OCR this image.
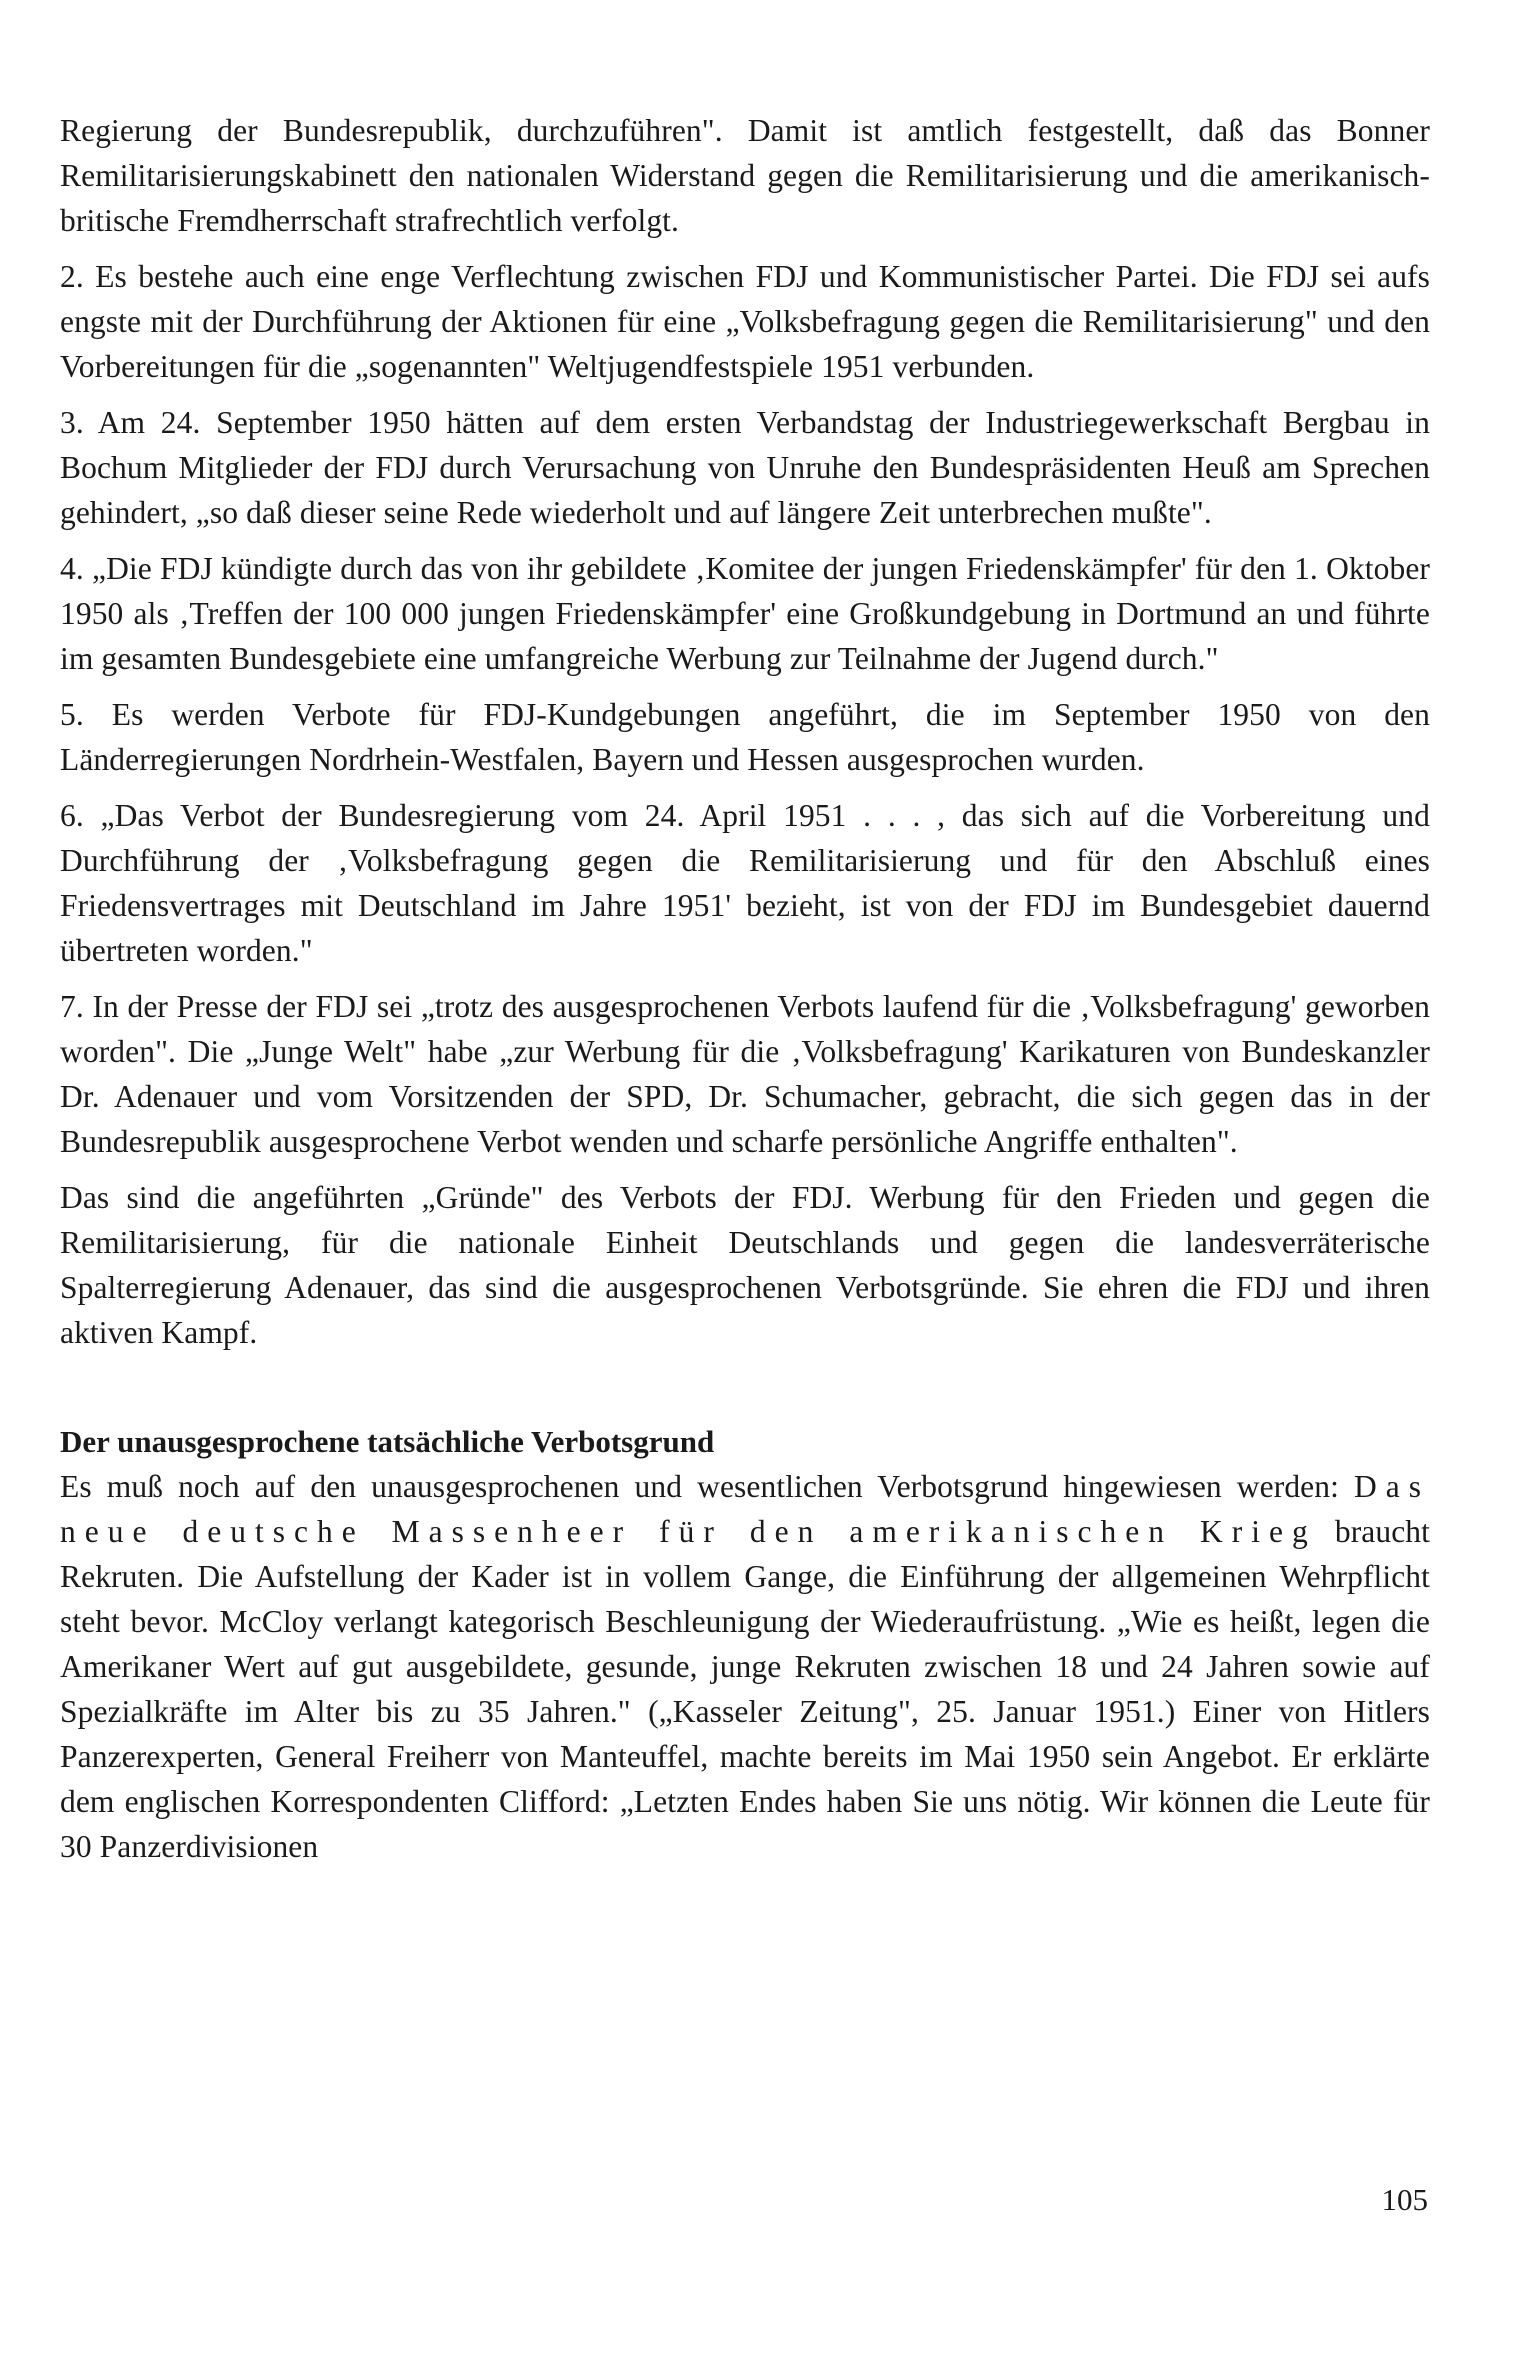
Regierung der Bundesrepublik, durchzuführen". Damit ist amtlich festgestellt, daß das Bonner Remilitarisierungskabinett den nationalen Widerstand gegen die Remilitarisierung und die amerikanisch-britische Fremdherrschaft strafrechtlich verfolgt.

2. Es bestehe auch eine enge Verflechtung zwischen FDJ und Kommunistischer Partei. Die FDJ sei aufs engste mit der Durchführung der Aktionen für eine „Volksbefragung gegen die Remilitarisierung" und den Vorbereitungen für die „sogenannten" Weltjugendfestspiele 1951 verbunden.

3. Am 24. September 1950 hätten auf dem ersten Verbandstag der Industriegewerkschaft Bergbau in Bochum Mitglieder der FDJ durch Verursachung von Unruhe den Bundespräsidenten Heuß am Sprechen gehindert, „so daß dieser seine Rede wiederholt und auf längere Zeit unterbrechen mußte".

4. „Die FDJ kündigte durch das von ihr gebildete ‚Komitee der jungen Friedenskämpfer' für den 1. Oktober 1950 als ‚Treffen der 100 000 jungen Friedenskämpfer' eine Großkundgebung in Dortmund an und führte im gesamten Bundesgebiete eine umfangreiche Werbung zur Teilnahme der Jugend durch."

5. Es werden Verbote für FDJ-Kundgebungen angeführt, die im September 1950 von den Länderregierungen Nordrhein-Westfalen, Bayern und Hessen ausgesprochen wurden.

6. „Das Verbot der Bundesregierung vom 24. April 1951 . . . , das sich auf die Vorbereitung und Durchführung der ‚Volksbefragung gegen die Remilitarisierung und für den Abschluß eines Friedensvertrages mit Deutschland im Jahre 1951' bezieht, ist von der FDJ im Bundesgebiet dauernd übertreten worden."

7. In der Presse der FDJ sei „trotz des ausgesprochenen Verbots laufend für die ‚Volksbefragung' geworben worden". Die „Junge Welt" habe „zur Werbung für die ‚Volksbefragung' Karikaturen von Bundeskanzler Dr. Adenauer und vom Vorsitzenden der SPD, Dr. Schumacher, gebracht, die sich gegen das in der Bundesrepublik ausgesprochene Verbot wenden und scharfe persönliche Angriffe enthalten".

Das sind die angeführten „Gründe" des Verbots der FDJ. Werbung für den Frieden und gegen die Remilitarisierung, für die nationale Einheit Deutschlands und gegen die landesverräterische Spalterregierung Adenauer, das sind die ausgesprochenen Verbotsgründe. Sie ehren die FDJ und ihren aktiven Kampf.

Der unausgesprochene tatsächliche Verbotsgrund

Es muß noch auf den unausgesprochenen und wesentlichen Verbotsgrund hingewiesen werden: Das neue deutsche Massenheer für den amerikanischen Krieg braucht Rekruten. Die Aufstellung der Kader ist in vollem Gange, die Einführung der allgemeinen Wehrpflicht steht bevor. McCloy verlangt kategorisch Beschleunigung der Wiederaufrüstung. „Wie es heißt, legen die Amerikaner Wert auf gut ausgebildete, gesunde, junge Rekruten zwischen 18 und 24 Jahren sowie auf Spezialkräfte im Alter bis zu 35 Jahren." („Kasseler Zeitung", 25. Januar 1951.) Einer von Hitlers Panzerexperten, General Freiherr von Manteuffel, machte bereits im Mai 1950 sein Angebot. Er erklärte dem englischen Korrespondenten Clifford: „Letzten Endes haben Sie uns nötig. Wir können die Leute für 30 Panzerdivisionen

105
